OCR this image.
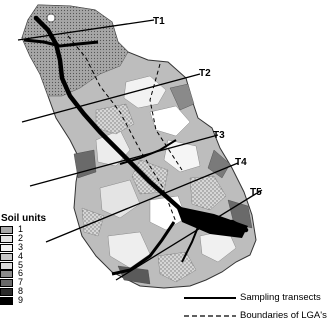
T1
T2
T3
T4
T5
Soil units
1
2
3
4
5
6
7
8
9	Sampling transects
Boundaries of LGA's
